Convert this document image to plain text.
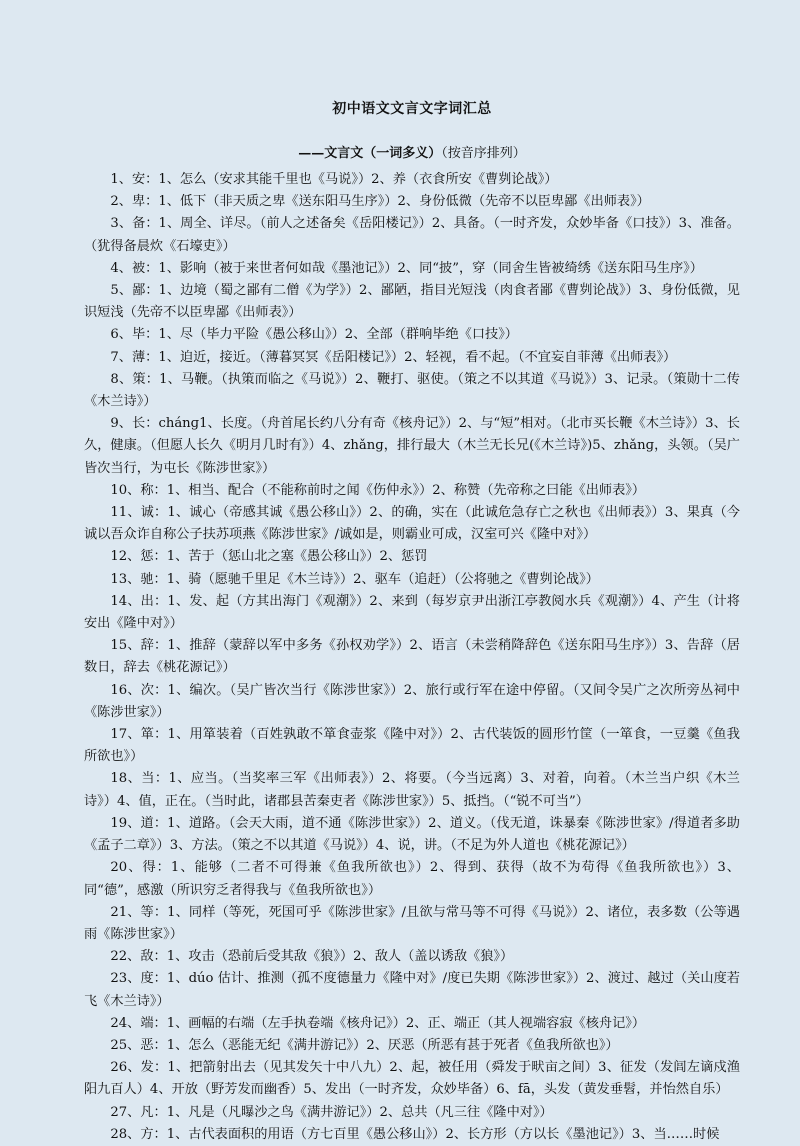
初中语文文言文字词汇总
——文言文（一词多义）（按音序排列）

1、安：1、怎么（安求其能千里也《马说》）2、养（衣食所安《曹刿论战》）

2、卑：1、低下（非天质之卑《送东阳马生序》）2、身份低微（先帝不以臣卑鄙《出师表》）

3、备：1、周全、详尽。（前人之述备矣《岳阳楼记》）2、具备。（一时齐发，众妙毕备《口技》）3、准备。（犹得备晨炊《石壕吏》）

4、被：1、影响（被于来世者何如哉《墨池记》）2、同“披”，穿（同舍生皆被绮绣《送东阳马生序》）

5、鄙：1、边境（蜀之鄙有二僧《为学》）2、鄙陋，指目光短浅（肉食者鄙《曹刿论战》）3、身份低微，见识短浅（先帝不以臣卑鄙《出师表》）

6、毕：1、尽（毕力平险《愚公移山》）2、全部（群响毕绝《口技》）

7、薄：1、迫近，接近。（薄暮冥冥《岳阳楼记》）2、轻视，看不起。（不宜妄自菲薄《出师表》）

8、策：1、马鞭。（执策而临之《马说》）2、鞭打、驱使。（策之不以其道《马说》）3、记录。（策勋十二传《木兰诗》）

9、长：chánɡ1、长度。（舟首尾长约八分有奇《核舟记》）2、与“短”相对。（北市买长鞭《木兰诗》）3、长久，健康。（但愿人长久《明月几时有》）4、zhǎnɡ，排行最大（木兰无长兄(《木兰诗》)5、zhǎnɡ，头领。（吴广皆次当行，为屯长《陈涉世家》）

10、称：1、相当、配合（不能称前时之闻《伤仲永》）2、称赞（先帝称之曰能《出师表》）

11、诚：1、诚心（帝感其诚《愚公移山》）2、的确，实在（此诚危急存亡之秋也《出师表》）3、果真（今诚以吾众诈自称公子扶苏项燕《陈涉世家》/诚如是，则霸业可成，汉室可兴《隆中对》）

12、惩：1、苦于（惩山北之塞《愚公移山》）2、惩罚

13、驰：1、骑（愿驰千里足《木兰诗》）2、驱车（追赶）（公将驰之《曹刿论战》）

14、出：1、发、起（方其出海门《观潮》）2、来到（每岁京尹出浙江亭教阅水兵《观潮》）4、产生（计将安出《隆中对》）

15、辞：1、推辞（蒙辞以军中多务《孙权劝学》）2、语言（未尝稍降辞色《送东阳马生序》）3、告辞（居数日，辞去《桃花源记》）

16、次：1、编次。（吴广皆次当行《陈涉世家》）2、旅行或行军在途中停留。（又间令吴广之次所旁丛祠中《陈涉世家》）

17、箪：1、用箪装着（百姓孰敢不箪食壶浆《隆中对》）2、古代装饭的圆形竹筐（一箪食，一豆羹《鱼我所欲也》）

18、当：1、应当。（当奖率三军《出师表》）2、将要。（今当远离）3、对着，向着。（木兰当户织《木兰诗》）4、值，正在。（当时此，诸郡县苦秦吏者《陈涉世家》）5、抵挡。（“锐不可当”）

19、道：1、道路。（会天大雨，道不通《陈涉世家》）2、道义。（伐无道，诛暴秦《陈涉世家》/得道者多助《孟子二章》）3、方法。（策之不以其道《马说》）4、说，讲。（不足为外人道也《桃花源记》）

20、得：1、能够（二者不可得兼《鱼我所欲也》）2、得到、获得（故不为苟得《鱼我所欲也》）3、同“德”，感激（所识穷乏者得我与《鱼我所欲也》）

21、等：1、同样（等死，死国可乎《陈涉世家》/且欲与常马等不可得《马说》）2、诸位，表多数（公等遇雨《陈涉世家》）

22、敌：1、攻击（恐前后受其敌《狼》）2、敌人（盖以诱敌《狼》）

23、度：1、dúo 估计、推测（孤不度德量力《隆中对》/度已失期《陈涉世家》）2、渡过、越过（关山度若飞《木兰诗》）

24、端：1、画幅的右端（左手执卷端《核舟记》）2、正、端正（其人视端容寂《核舟记》）

25、恶：1、怎么（恶能无纪《满井游记》）2、厌恶（所恶有甚于死者《鱼我所欲也》）

26、发：1、把箭射出去（见其发矢十中八九）2、起，被任用（舜发于畎亩之间）3、征发（发闾左谪戍渔阳九百人）4、开放（野芳发而幽香）5、发出（一时齐发，众妙毕备）6、fā，头发（黄发垂髫，并怡然自乐）

27、凡：1、凡是（凡曝沙之鸟《满井游记》）2、总共（凡三往《隆中对》）

28、方：1、古代表面积的用语（方七百里《愚公移山》）2、长方形（方以长《墨池记》）3、当……时候
